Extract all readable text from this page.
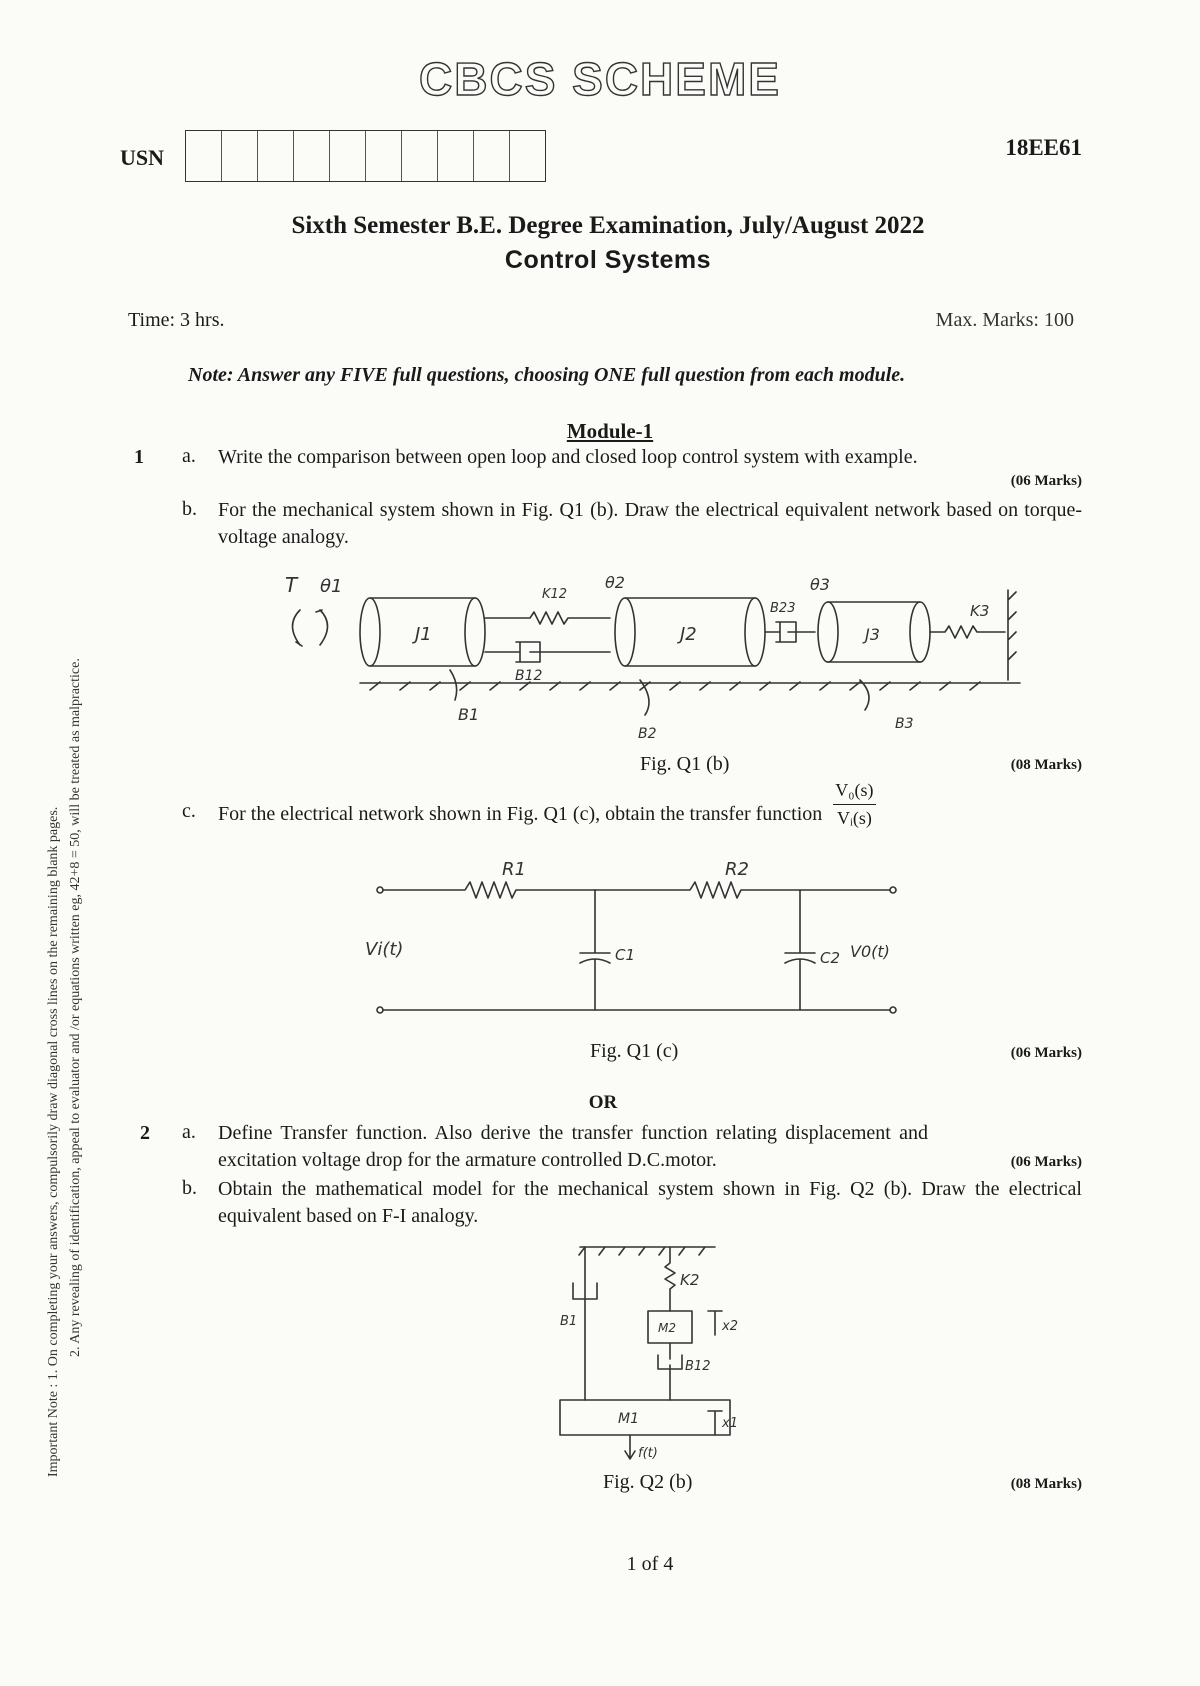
Important Note : 1. On completing your answers, compulsorily draw diagonal cross lines on the remaining blank pages. 2. Any revealing of identification, appeal to evaluator and /or equations written eg, 42+8 = 50, will be treated as malpractice.
CBCS SCHEME
USN	18EE61
Sixth Semester B.E. Degree Examination, July/August 2022
Control Systems
Time: 3 hrs.	Max. Marks: 100
Note: Answer any FIVE full questions, choosing ONE full question from each module.
Module-1
1 a. Write the comparison between open loop and closed loop control system with example.
(06 Marks)
b. For the mechanical system shown in Fig. Q1 (b). Draw the electrical equivalent network based on torque-voltage analogy.
T θ1
J1
K12
B12
θ2
J2
B23
θ3
J3
K3
B1
B2
B3
Fig. Q1 (b)	(08 Marks)
c. For the electrical network shown in Fig. Q1 (c), obtain the transfer function $\frac{\text{V₀(s)}}{\text{Vᵢ(s)}}$
R1	R2
Vi(t)	C1	C2 V0(t)
Fig. Q1 (c)	(06 Marks)
OR
2 a. Define Transfer function. Also derive the transfer function relating displacement and excitation voltage drop for the armature controlled D.C.motor.	(06 Marks)
b. Obtain the mathematical model for the mechanical system shown in Fig. Q2 (b). Draw the electrical equivalent based on F-I analogy.
B1
K2
M2	x2
B12
M1
f(t)
x1
Fig. Q2 (b)	(08 Marks)
1 of 4
